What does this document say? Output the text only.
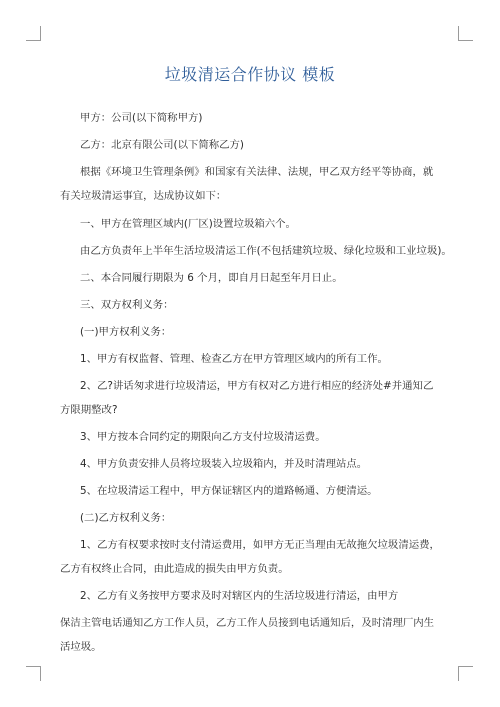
垃圾清运合作协议 模板
甲方：公司(以下简称甲方)
乙方：北京有限公司(以下简称乙方)
根据《环境卫生管理条例》和国家有关法律、法规，甲乙双方经平等协商，就有关垃圾清运事宜，达成协议如下：
一、甲方在管理区域内(厂区)设置垃圾箱六个。
由乙方负责年上半年生活垃圾清运工作(不包括建筑垃圾、绿化垃圾和工业垃圾)。
二、本合同履行期限为 6 个月，即自月日起至年月日止。
三、双方权利义务：
(一)甲方权利义务：
1、甲方有权监督、管理、检查乙方在甲方管理区域内的所有工作。
2、乙?讲话匆求进行垃圾清运，甲方有权对乙方进行相应的经济处#并通知乙方限期整改?
3、甲方按本合同约定的期限向乙方支付垃圾清运费。
4、甲方负责安排人员将垃圾装入垃圾箱内，并及时清理站点。
5、在垃圾清运工程中，甲方保证辖区内的道路畅通、方便清运。
(二)乙方权利义务：
1、乙方有权要求按时支付清运费用，如甲方无正当理由无故拖欠垃圾清运费，乙方有权终止合同，由此造成的损失由甲方负责。
2、乙方有义务按甲方要求及时对辖区内的生活垃圾进行清运，由甲方
保洁主管电话通知乙方工作人员，乙方工作人员接到电话通知后，及时清理厂内生活垃圾。
